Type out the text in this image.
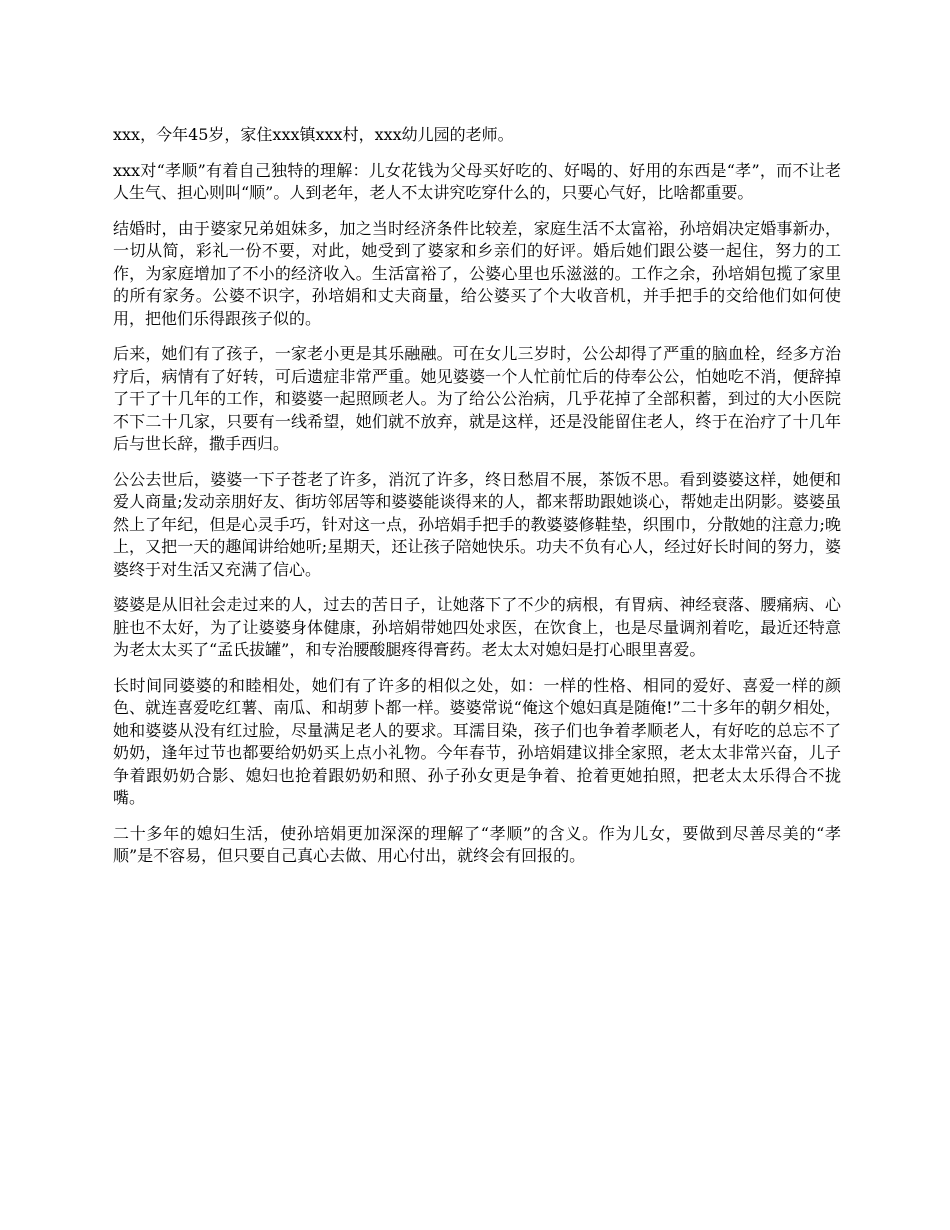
xxx，今年45岁，家住xxx镇xxx村，xxx幼儿园的老师。

xxx对“孝顺”有着自己独特的理解：儿女花钱为父母买好吃的、好喝的、好用的东西是“孝”，而不让老人生气、担心则叫“顺”。人到老年，老人不太讲究吃穿什么的，只要心气好，比啥都重要。

结婚时，由于婆家兄弟姐妹多，加之当时经济条件比较差，家庭生活不太富裕，孙培娟决定婚事新办，一切从简，彩礼一份不要，对此，她受到了婆家和乡亲们的好评。婚后她们跟公婆一起住，努力的工作，为家庭增加了不小的经济收入。生活富裕了，公婆心里也乐滋滋的。工作之余，孙培娟包揽了家里的所有家务。公婆不识字，孙培娟和丈夫商量，给公婆买了个大收音机，并手把手的交给他们如何使用，把他们乐得跟孩子似的。

后来，她们有了孩子，一家老小更是其乐融融。可在女儿三岁时，公公却得了严重的脑血栓，经多方治疗后，病情有了好转，可后遗症非常严重。她见婆婆一个人忙前忙后的侍奉公公，怕她吃不消，便辞掉了干了十几年的工作，和婆婆一起照顾老人。为了给公公治病，几乎花掉了全部积蓄，到过的大小医院不下二十几家，只要有一线希望，她们就不放弃，就是这样，还是没能留住老人，终于在治疗了十几年后与世长辞，撒手西归。

公公去世后，婆婆一下子苍老了许多，消沉了许多，终日愁眉不展，茶饭不思。看到婆婆这样，她便和爱人商量;发动亲朋好友、街坊邻居等和婆婆能谈得来的人，都来帮助跟她谈心，帮她走出阴影。婆婆虽然上了年纪，但是心灵手巧，针对这一点，孙培娟手把手的教婆婆修鞋垫，织围巾，分散她的注意力;晚上，又把一天的趣闻讲给她听;星期天，还让孩子陪她快乐。功夫不负有心人，经过好长时间的努力，婆婆终于对生活又充满了信心。

婆婆是从旧社会走过来的人，过去的苦日子，让她落下了不少的病根，有胃病、神经衰落、腰痛病、心脏也不太好，为了让婆婆身体健康，孙培娟带她四处求医，在饮食上，也是尽量调剂着吃，最近还特意为老太太买了“孟氏拔罐”，和专治腰酸腿疼得膏药。老太太对媳妇是打心眼里喜爱。

长时间同婆婆的和睦相处，她们有了许多的相似之处，如：一样的性格、相同的爱好、喜爱一样的颜色、就连喜爱吃红薯、南瓜、和胡萝卜都一样。婆婆常说“俺这个媳妇真是随俺!”二十多年的朝夕相处，她和婆婆从没有红过脸，尽量满足老人的要求。耳濡目染，孩子们也争着孝顺老人，有好吃的总忘不了奶奶，逢年过节也都要给奶奶买上点小礼物。今年春节，孙培娟建议排全家照，老太太非常兴奋，儿子争着跟奶奶合影、媳妇也抢着跟奶奶和照、孙子孙女更是争着、抢着更她拍照，把老太太乐得合不拢嘴。

二十多年的媳妇生活，使孙培娟更加深深的理解了“孝顺”的含义。作为儿女，要做到尽善尽美的“孝顺”是不容易，但只要自己真心去做、用心付出，就终会有回报的。
